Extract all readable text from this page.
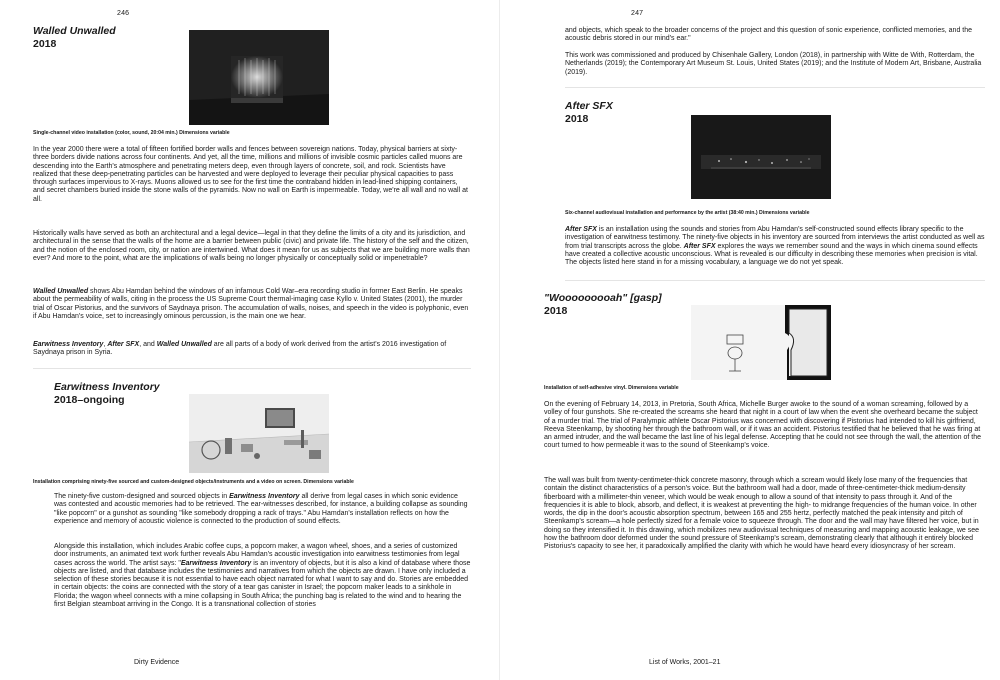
246
Walled Unwalled
2018
Single-channel video installation (color, sound, 20:04 min.) Dimensions variable

In the year 2000 there were a total of fifteen fortified border walls and fences between sovereign nations. Today, physical barriers at sixty-three borders divide nations across four continents. And yet, all the time, millions and millions of invisible cosmic particles called muons are descending into the Earth's atmosphere and penetrating meters deep, even through layers of concrete, soil, and rock. Scientists have realized that these deep-penetrating particles can be harvested and were deployed to leverage their peculiar physical capacities to pass through surfaces impervious to X-rays. Muons allowed us to see for the first time the contraband hidden in lead-lined shipping containers, and secret chambers buried inside the stone walls of the pyramids. Now no wall on Earth is impermeable. Today, we're all wall and no wall at all.

Historically walls have served as both an architectural and a legal device—legal in that they define the limits of a city and its jurisdiction, and architectural in the sense that the walls of the home are a barrier between public (civic) and private life. The history of the self and the citizen, and the notion of the enclosed room, city, or nation are intertwined. What does it mean for us as subjects that we are building more walls than ever? And more to the point, what are the implications of walls being no longer physically or conceptually solid or impenetrable?

Walled Unwalled shows Abu Hamdan behind the windows of an infamous Cold War–era recording studio in former East Berlin. He speaks about the permeability of walls, citing in the process the US Supreme Court thermal-imaging case Kyllo v. United States (2001), the murder trial of Oscar Pistorius, and the survivors of Saydnaya prison. The accumulation of walls, noises, and speech in the video is polyphonic, even if Abu Hamdan's voice, set to increasingly ominous percussion, is the main one we hear.

Earwitness Inventory, After SFX, and Walled Unwalled are all parts of a body of work derived from the artist's 2016 investigation of Saydnaya prison in Syria.

Earwitness Inventory
2018–ongoing
Installation comprising ninety-five sourced and custom-designed objects/instruments and a video on screen. Dimensions variable

The ninety-five custom-designed and sourced objects in Earwitness Inventory all derive from legal cases in which sonic evidence was contested and acoustic memories had to be retrieved. The ear-witnesses described, for instance, a building collapse as sounding "like popcorn" or a gunshot as sounding "like somebody dropping a rack of trays." Abu Hamdan's installation reflects on how the experience and memory of acoustic violence is connected to the production of sound effects.

Alongside this installation, which includes Arabic coffee cups, a popcorn maker, a wagon wheel, shoes, and a series of customized door instruments, an animated text work further reveals Abu Hamdan's acoustic investigation into earwitness testimonies from legal cases across the world. The artist says: "Earwitness Inventory is an inventory of objects, but it is also a kind of database where those objects are listed, and that database includes the testimonies and narratives from which the objects are drawn. I have only included a selection of these stories because it is not essential to have each object narrated for what I want to say and do. Stories are embedded in certain objects: the coins are connected with the story of a tear gas canister in Israel; the popcorn maker leads to a sinkhole in Florida; the wagon wheel connects with a mine collapsing in South Africa; the punching bag is related to the wind and to hearing the first Belgian steamboat arriving in the Congo. It is a transnational collection of stories

Dirty Evidence
247

and objects, which speak to the broader concerns of the project and this question of sonic experience, conflicted memories, and the acoustic debris stored in our mind's ear."

This work was commissioned and produced by Chisenhale Gallery, London (2018), in partnership with Witte de With, Rotterdam, the Netherlands (2019); the Contemporary Art Museum St. Louis, United States (2019); and the Institute of Modern Art, Brisbane, Australia (2019).

After SFX
2018
Six-channel audiovisual installation and performance by the artist (38:40 min.) Dimensions variable

After SFX is an installation using the sounds and stories from Abu Hamdan's self-constructed sound effects library specific to the investigation of earwitness testimony. The ninety-five objects in his inventory are sourced from interviews the artist conducted as well as from trial transcripts across the globe. After SFX explores the ways we remember sound and the ways in which cinema sound effects have created a collective acoustic unconscious. What is revealed is our difficulty in describing these memories when precision is vital. The objects listed here stand in for a missing vocabulary, a language we do not yet speak.

"Wooooooooah" [gasp]
2018
Installation of self-adhesive vinyl. Dimensions variable

On the evening of February 14, 2013, in Pretoria, South Africa, Michelle Burger awoke to the sound of a woman screaming, followed by a volley of four gunshots. She re-created the screams she heard that night in a court of law when the event she overheard became the subject of a murder trial. The trial of Paralympic athlete Oscar Pistorius was concerned with discovering if Pistorius had intended to kill his girlfriend, Reeva Steenkamp, by shooting her through the bathroom wall, or if it was an accident. Pistorius testified that he believed that he was firing at an armed intruder, and the wall became the last line of his legal defense. Accepting that he could not see through the wall, the attention of the court turned to how permeable it was to the sound of Steenkamp's voice.

The wall was built from twenty-centimeter-thick concrete masonry, through which a scream would likely lose many of the frequencies that contain the distinct characteristics of a person's voice. But the bathroom wall had a door, made of three-centimeter-thick medium-density fiberboard with a millimeter-thin veneer, which would be weak enough to allow a sound of that intensity to pass through it. And of the frequencies it is able to block, absorb, and deflect, it is weakest at preventing the high- to midrange frequencies of the human voice. In other words, the dip in the door's acoustic absorption spectrum, between 165 and 255 hertz, perfectly matched the peak intensity and pitch of Steenkamp's scream—a hole perfectly sized for a female voice to squeeze through. The door and the wall may have filtered her voice, but in doing so they intensified it. In this drawing, which mobilizes new audiovisual techniques of measuring and mapping acoustic leakage, we see how the bathroom door deformed under the sound pressure of Steenkamp's scream, demonstrating clearly that although it entirely blocked Pistorius's capacity to see her, it paradoxically amplified the clarity with which he would have heard every idiosyncrasy of her scream.

List of Works, 2001–21
